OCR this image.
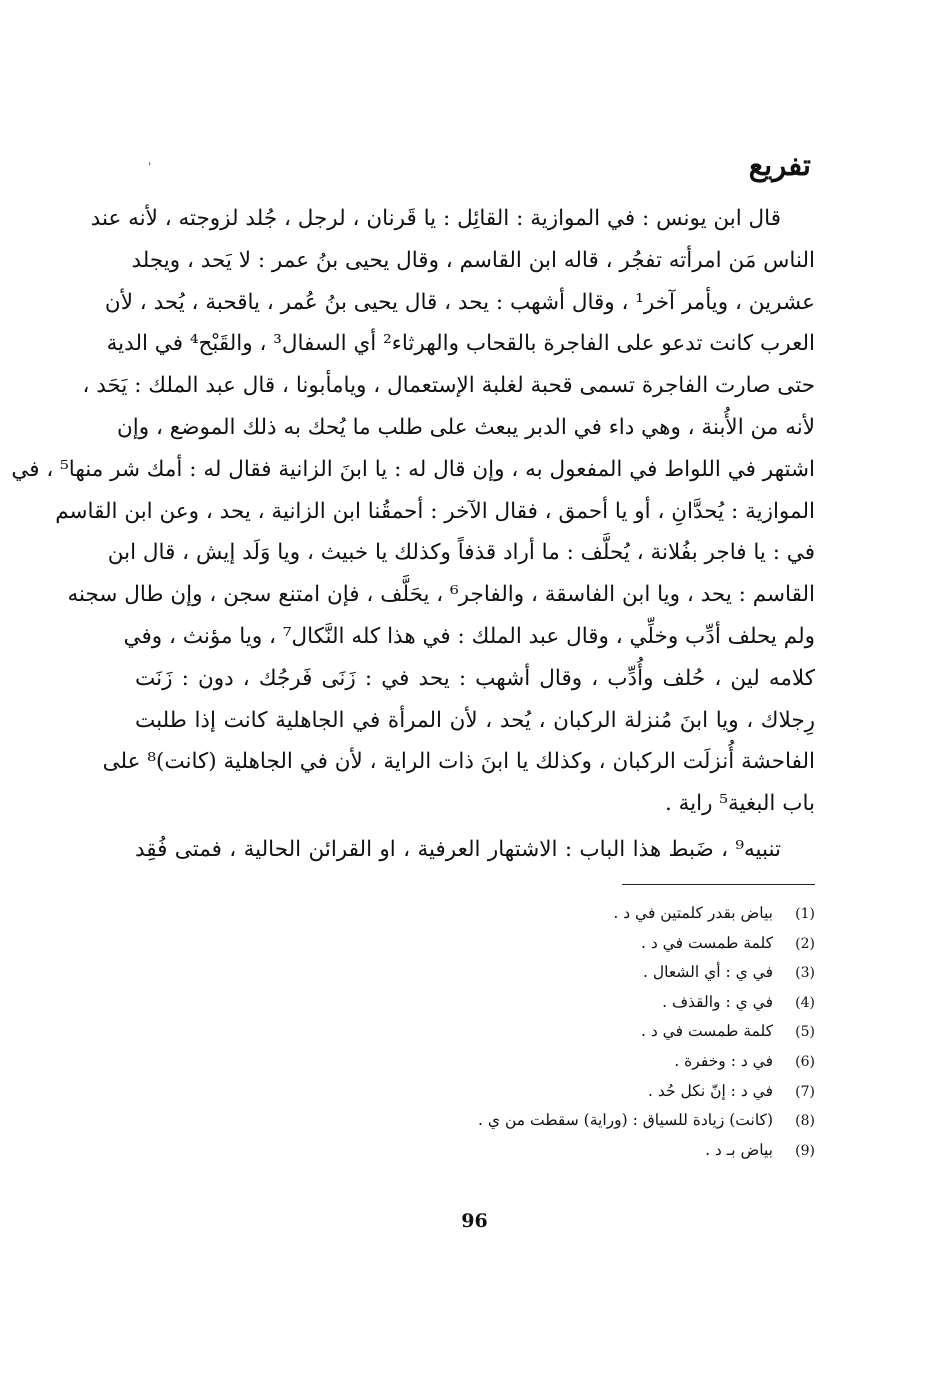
تفريع
'
قال ابن يونس : في الموازية : القائِل : يا قَرنان ، لرجل ، جُلد لزوجته ، لأنه عند
الناس مَن امرأته تفجُر ، قاله ابن القاسم ، وقال يحيى بنُ عمر : لا يَحد ، ويجلد
عشرين ، ويأمر آخر¹ ، وقال أشهب : يحد ، قال يحيى بنُ عُمر ، ياقحبة ، يُحد ، لأن
العرب كانت تدعو على الفاجرة بالقحاب والهرثاء² أي السفال³ ، والقَبْح⁴ في الدية
حتى صارت الفاجرة تسمى قحبة لغلبة الإستعمال ، ويامأبونا ، قال عبد الملك : يَحَد ،
لأنه من الأُبنة ، وهي داء في الدبر يبعث على طلب ما يُحك به ذلك الموضع ، وإن
اشتهر في اللواط في المفعول به ، وإن قال له : يا ابنَ الزانية فقال له : أمك شر منها⁵ ، في
الموازية : يُحدَّانِ ، أو يا أحمق ، فقال الآخر : أحمقُنا ابن الزانية ، يحد ، وعن ابن القاسم
في : يا فاجر بفُلانة ، يُحلَّف : ما أراد قذفاً وكذلك يا خبيث ، ويا وَلَد إيش ، قال ابن
القاسم : يحد ، ويا ابن الفاسقة ، والفاجر⁶ ، يحَلَّف ، فإن امتنع سجن ، وإن طال سجنه
ولم يحلف أدِّب وخلِّي ، وقال عبد الملك : في هذا كله النَّكال⁷ ، ويا مؤنث ، وفي
كلامه لين ، حُلف وأُدِّب ، وقال أشهب : يحد في : زَنَى فَرجُك ، دون : زَنَت
رِجلاك ، ويا ابنَ مُنزلة الركبان ، يُحد ، لأن المرأة في الجاهلية كانت إذا طلبت
الفاحشة أُنزلَت الركبان ، وكذلك يا ابنَ ذات الراية ، لأن في الجاهلية (كانت)⁸ على
باب البغية⁵ راية .
تنبيه⁹ ، ضَبط هذا الباب : الاشتهار العرفية ، او القرائن الحالية ، فمتى فُقِد
(1)بياض بقدر كلمتين في د .
(2)كلمة طمست في د .
(3)في ي : أي الشعال .
(4)في ي : والقذف .
(5)كلمة طمست في د .
(6)في د : وخفرة .
(7)في د : إنّ نكل حُد .
(8)(كانت) زيادة للسياق : (وراية) سقطت من ي .
(9)بياض بـ د .
96
